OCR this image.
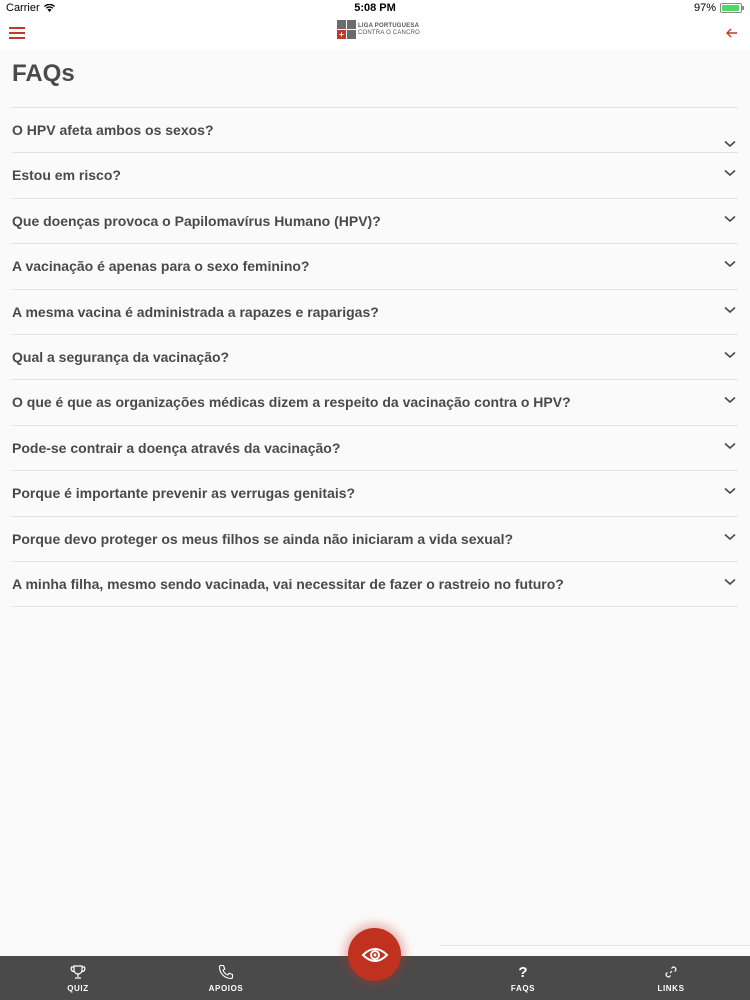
Carrier	5:08 PM	97%
+
LIGA PORTUGUESA
CONTRA O CANCRO
FAQs
O HPV afeta ambos os sexos?
Estou em risco?
Que doenças provoca o Papilomavírus Humano (HPV)?
A vacinação é apenas para o sexo feminino?
A mesma vacina é administrada a rapazes e raparigas?
Qual a segurança da vacinação?
O que é que as organizações médicas dizem a respeito da vacinação contra o HPV?
Pode-se contrair a doença através da vacinação?
Porque é importante prevenir as verrugas genitais?
Porque devo proteger os meus filhos se ainda não iniciaram a vida sexual?
A minha filha, mesmo sendo vacinada, vai necessitar de fazer o rastreio no futuro?
QUIZ	APOIOS
?
FAQS	LINKS
